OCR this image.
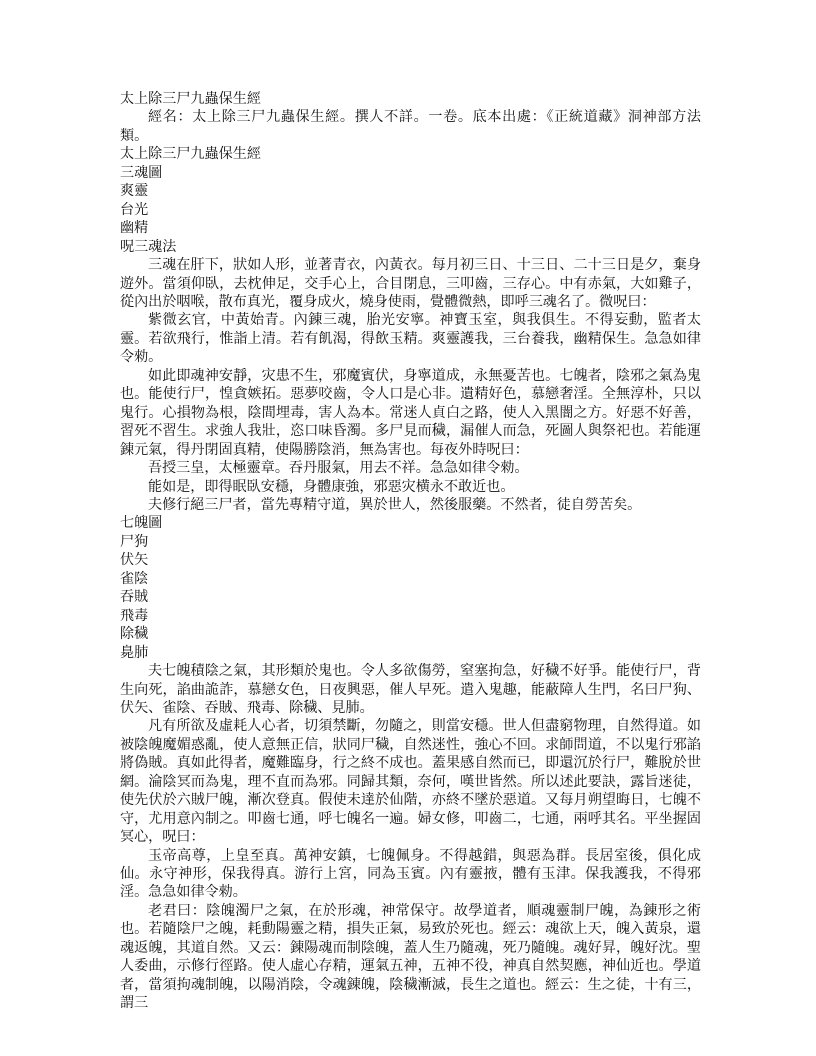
太上除三尸九蟲保生經

經名：太上除三尸九蟲保生經。撰人不詳。一卷。底本出處：《正統道藏》洞神部方法類。

太上除三尸九蟲保生經

三魂圖

爽靈

台光

幽精

呪三魂法

三魂在肝下，狀如人形，並著青衣，內黃衣。每月初三日、十三日、二十三日是夕，棄身遊外。當須仰臥，去枕伸足，交手心上，合目閉息，三叩齒，三存心。中有赤氣，大如雞子，從內出於咽喉，散布真光，覆身成火，燒身使雨，覺體微熱，即呼三魂名了。微呪曰：

紫微玄官，中黃始青。內錬三魂，胎光安寧。神寶玉室，與我俱生。不得妄動，監者太靈。若欲飛行，惟詣上清。若有飢渴，得飲玉精。爽靈護我，三台養我，幽精保生。急急如律令勑。

如此即魂神安靜，灾患不生，邪魔賓伏，身寧道成，永無憂苦也。七魄者，陰邪之氣為鬼也。能使行尸，惶貪嫉拓。惡夢咬齒，令人口是心非。遺精好色，慕戀奢淫。全無淳朴，只以鬼行。心損物為根，陰間埋毒，害人為本。常迷人貞白之路，使人入黑闇之方。好惡不好善，習死不習生。求強人我壯，恣口味昏濁。多尸見而穢，漏催人而急，死圖人與祭祀也。若能運錬元氣，得丹閉固真精，使陽勝陰消，無為害也。每夜外時呪曰：

吾授三皇，太極靈章。吞丹服氣，用去不祥。急急如律令勑。

能如是，即得眠臥安穩，身體康強，邪惡灾横永不敢近也。

夫修行絕三尸者，當先專精守道，異於世人，然後服藥。不然者，徒自勞苦矣。

七魄圖

尸狗

伏矢

雀陰

吞賊

飛毒

除穢

臰肺

夫七魄積陰之氣，其形類於鬼也。令人多欲傷勞，窒塞拘急，好穢不好爭。能使行尸，背生向死，諂曲詭詐，慕戀女色，日夜興惡，催人早死。遣入鬼趣，能蔽障人生門，名曰尸狗、伏矢、雀陰、吞賊、飛毒、除穢、見肺。

凡有所欲及虛耗人心者，切須禁斷，勿隨之，則當安穩。世人但盡窮物理，自然得道。如被陰魄魔媚惑亂，使人意無正信，狀同尸穢，自然迷性，強心不回。求師問道，不以鬼行邪諂將偽賊。真如此得者，魔難臨身，行之終不成也。蓋果感自然而已，即還沉於行尸，難脫於世網。淪陰冥而為鬼，理不直而為邪。同歸其類，奈何，嘆世皆然。所以述此要訣，露旨迷徒，使先伏於六賊尸魄，漸次登真。假使未達於仙階，亦終不墜於惡道。又每月朔望晦日，七魄不守，尤用意內制之。叩齒七通，呼七魄名一遍。婦女修，叩齒二，七通，兩呼其名。平坐握固冥心，呪曰：

玉帝高尊，上皇至真。萬神安鎮，七魄佩身。不得越錯，與惡為群。長居室後，俱化成仙。永守神形，保我得真。游行上宮，同為玉賓。內有靈掖，體有玉津。保我護我，不得邪淫。急急如律令勑。

老君曰：陰魄濁尸之氣，在於形魂，神常保守。故學道者，順魂靈制尸魄，為錬形之術也。若隨陰尸之魄，耗動陽靈之精，損失正氣，易致於死也。經云：魂欲上天，魄入黃泉，還魂返魄，其道自然。又云：錬陽魂而制陰魄，蓋人生乃隨魂，死乃隨魄。魂好昇，魄好沈。聖人委曲，示修行徑路。使人虛心存精，運氣五神，五神不役，神真自然契應，神仙近也。學道者，當須拘魂制魄，以陽消陰，令魂錬魄，陰穢漸滅，長生之道也。經云：生之徒，十有三，謂三
